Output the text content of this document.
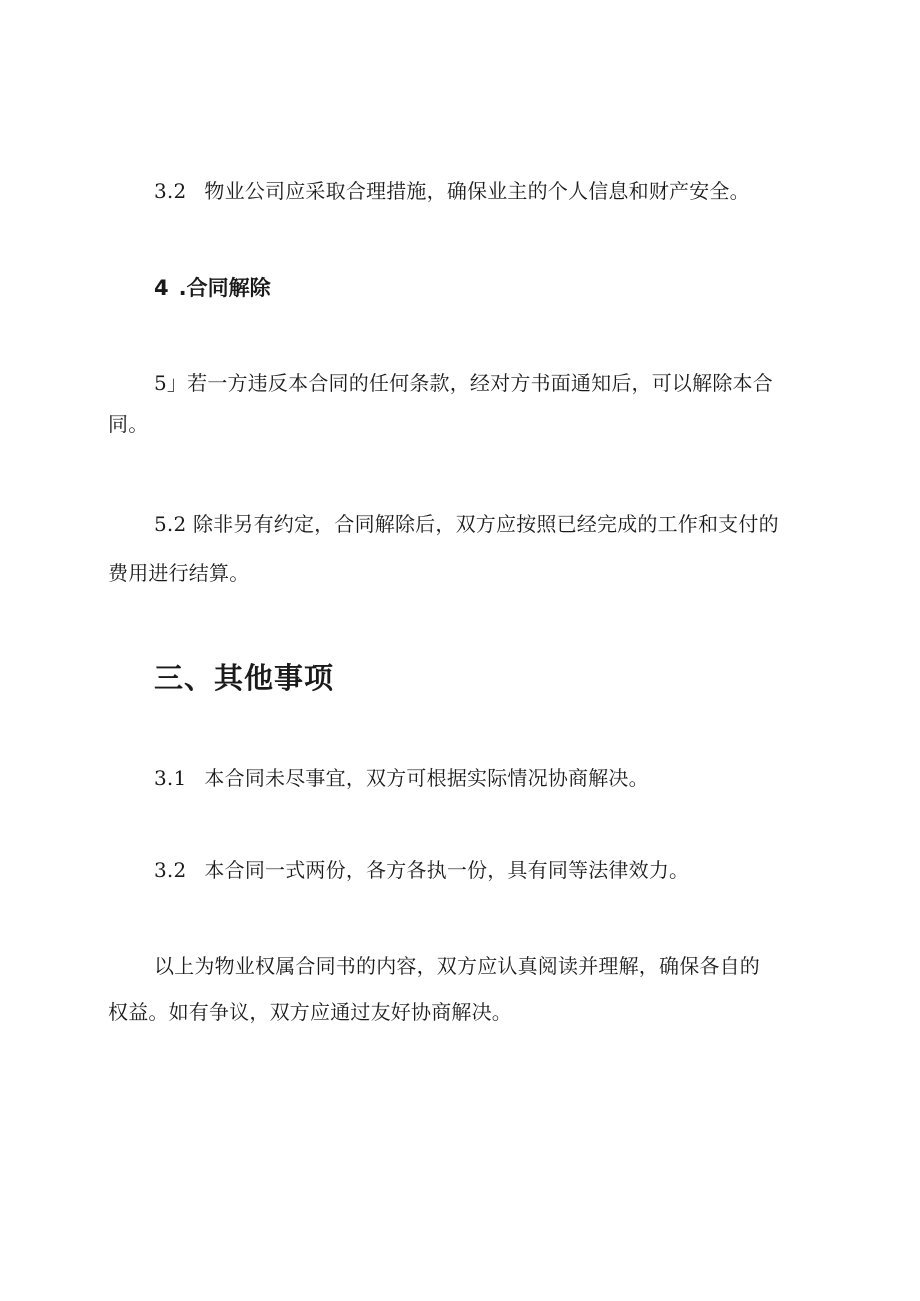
3.2 物业公司应采取合理措施，确保业主的个人信息和财产安全。
4 .合同解除
5」若一方违反本合同的任何条款，经对方书面通知后，可以解除本合
同。
5.2 除非另有约定，合同解除后，双方应按照已经完成的工作和支付的
费用进行结算。
三、其他事项
3.1 本合同未尽事宜，双方可根据实际情况协商解决。
3.2 本合同一式两份，各方各执一份，具有同等法律效力。
以上为物业权属合同书的内容，双方应认真阅读并理解，确保各自的
权益。如有争议，双方应通过友好协商解决。
